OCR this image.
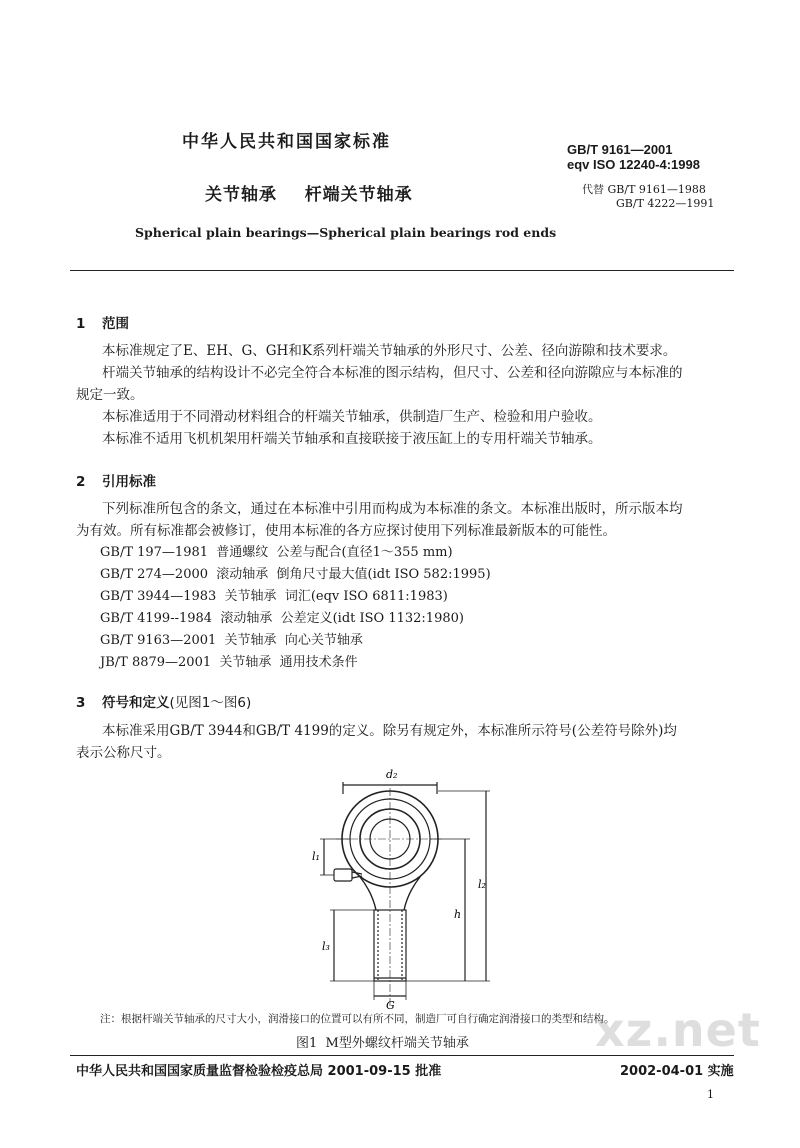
中华人民共和国国家标准	GB/T 9161—2001
eqv ISO 12240-4:1998
关节轴承    杆端关节轴承	代替 GB/T 9161—1988
GB/T 4222—1991
Spherical plain bearings—Spherical plain bearings rod ends
1 范围
本标准规定了E、EH、G、GH和K系列杆端关节轴承的外形尺寸、公差、径向游隙和技术要求。
杆端关节轴承的结构设计不必完全符合本标准的图示结构，但尺寸、公差和径向游隙应与本标准的
规定一致。
本标准适用于不同滑动材料组合的杆端关节轴承，供制造厂生产、检验和用户验收。
本标准不适用飞机机架用杆端关节轴承和直接联接于液压缸上的专用杆端关节轴承。
2 引用标准
下列标准所包含的条文，通过在本标准中引用而构成为本标准的条文。本标准出版时，所示版本均
为有效。所有标准都会被修订，使用本标准的各方应探讨使用下列标准最新版本的可能性。
GB/T 197—1981  普通螺纹  公差与配合(直径1～355 mm)
GB/T 274—2000  滚动轴承  倒角尺寸最大值(idt ISO 582:1995)
GB/T 3944—1983  关节轴承  词汇(eqv ISO 6811:1983)
GB/T 4199--1984  滚动轴承  公差定义(idt ISO 1132:1980)
GB/T 9163—2001  关节轴承  向心关节轴承
JB/T 8879—2001  关节轴承  通用技术条件
3 符号和定义(见图1～图6)
本标准采用GB/T 3944和GB/T 4199的定义。除另有规定外，本标准所示符号(公差符号除外)均
表示公称尺寸。
d₂
l₁
l₃
h
l₂
G
注：根据杆端关节轴承的尺寸大小，润滑接口的位置可以有所不同，制造厂可自行确定润滑接口的类型和结构。
图1  M型外螺纹杆端关节轴承	xz.net
中华人民共和国国家质量监督检验检疫总局 2001-09-15 批准	2002-04-01 实施
1
